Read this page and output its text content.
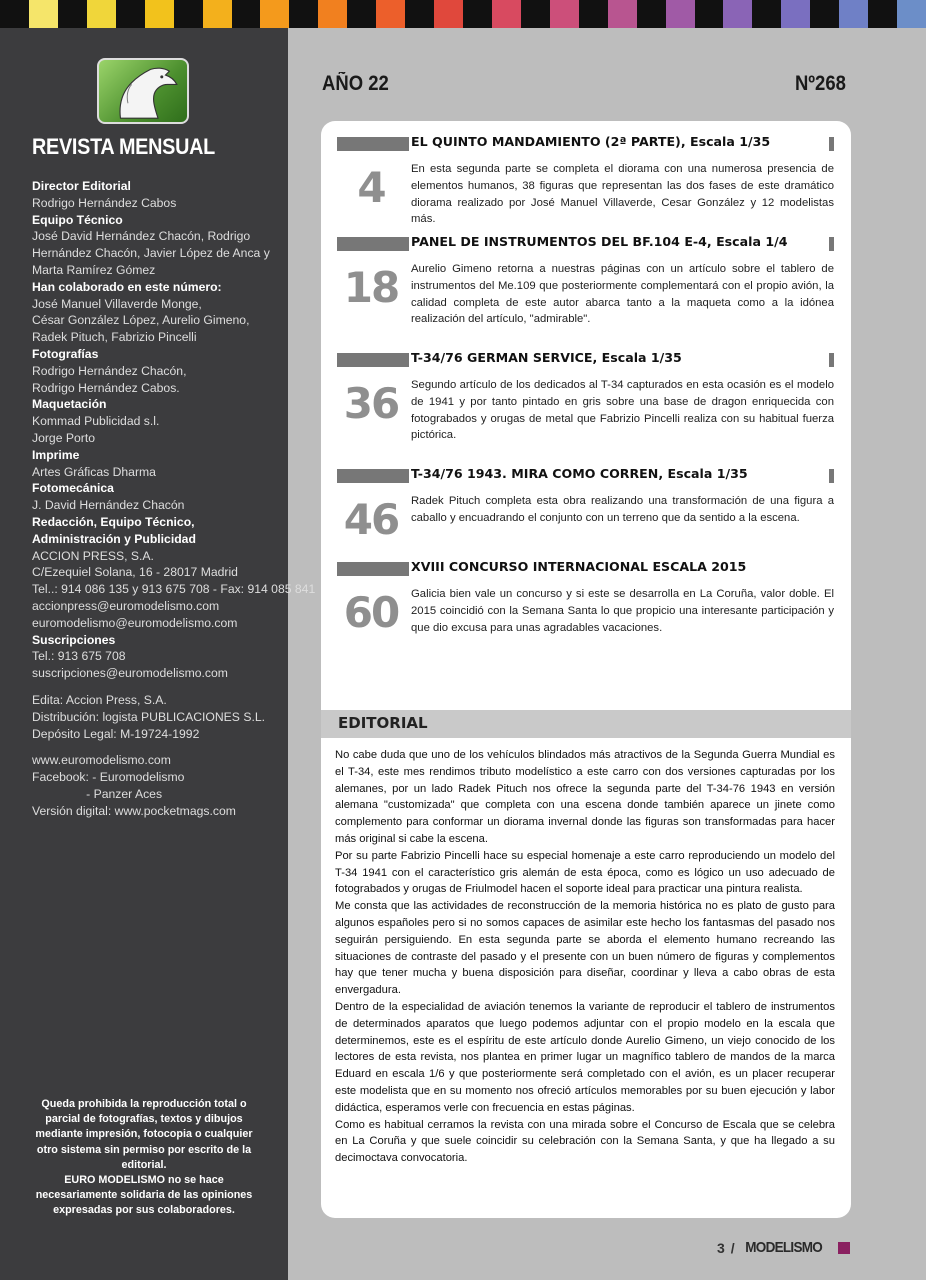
REVISTA MENSUAL
Director Editorial
Rodrigo Hernández Cabos
Equipo Técnico
José David Hernández Chacón, Rodrigo
Hernández Chacón, Javier López de Anca y
Marta Ramírez Gómez
Han colaborado en este número:
José Manuel Villaverde Monge,
César González López, Aurelio Gimeno,
Radek Pituch, Fabrizio Pincelli
Fotografías
Rodrigo Hernández Chacón,
Rodrigo Hernández Cabos.
Maquetación
Kommad Publicidad s.l.
Jorge Porto
Imprime
Artes Gráficas Dharma
Fotomecánica
J. David Hernández Chacón
Redacción, Equipo Técnico,
Administración y Publicidad
ACCION PRESS, S.A.
C/Ezequiel Solana, 16 - 28017 Madrid
Tel..: 914 086 135 y 913 675 708 - Fax: 914 085 841
accionpress@euromodelismo.com
euromodelismo@euromodelismo.com
Suscripciones
Tel.: 913 675 708
suscripciones@euromodelismo.com
Edita: Accion Press, S.A.
Distribución: logista PUBLICACIONES S.L.
Depósito Legal: M-19724-1992
www.euromodelismo.com
Facebook: - Euromodelismo
- Panzer Aces
Versión digital: www.pocketmags.com
Queda prohibida la reproducción total o
parcial de fotografías, textos y dibujos
mediante impresión, fotocopia o cualquier
otro sistema sin permiso por escrito de la
editorial.
EURO MODELISMO no se hace
necesariamente solidaria de las opiniones
expresadas por sus colaboradores.
AÑO 22	Nº268
EL QUINTO MANDAMIENTO (2ª PARTE), Escala 1/35
4	En esta segunda parte se completa el diorama con una numerosa presencia de elementos humanos, 38 figuras que representan las dos fases de este dramático diorama realizado por José Manuel Villaverde, Cesar González y 12 modelistas más.
PANEL DE INSTRUMENTOS DEL BF.104 E-4, Escala 1/4
18	Aurelio Gimeno retorna a nuestras páginas con un artículo sobre el tablero de instrumentos del Me.109 que posteriormente complementará con el propio avión, la calidad completa de este autor abarca tanto a la maqueta como a la idónea realización del artículo, "admirable".
T-34/76 GERMAN SERVICE, Escala 1/35
36	Segundo artículo de los dedicados al T-34 capturados en esta ocasión es el modelo de 1941 y por tanto pintado en gris sobre una base de dragon enriquecida con fotograbados y orugas de metal que Fabrizio Pincelli realiza con su habitual fuerza pictórica.
T-34/76 1943. MIRA COMO CORREN, Escala 1/35
46	Radek Pituch completa esta obra realizando una transformación de una figura a caballo y encuadrando el conjunto con un terreno que da sentido a la escena.
XVIII CONCURSO INTERNACIONAL ESCALA 2015
60	Galicia bien vale un concurso y si este se desarrolla en La Coruña, valor doble. El 2015 coincidió con la Semana Santa lo que propicio una interesante participación y que dio excusa para unas agradables vacaciones.
EDITORIAL

No cabe duda que uno de los vehículos blindados más atractivos de la Segunda Guerra Mundial es el T-34, este mes rendimos tributo modelístico a este carro con dos versiones capturadas por los alemanes, por un lado Radek Pituch nos ofrece la segunda parte del T-34-76 1943 en versión alemana "customizada" que completa con una escena donde también aparece un jinete como complemento para conformar un diorama invernal donde las figuras son transformadas para hacer más original si cabe la escena.

Por su parte Fabrizio Pincelli hace su especial homenaje a este carro reproduciendo un modelo del T-34 1941 con el característico gris alemán de esta época, como es lógico un uso adecuado de fotograbados y orugas de Friulmodel hacen el soporte ideal para practicar una pintura realista.

Me consta que las actividades de reconstrucción de la memoria histórica no es plato de gusto para algunos españoles pero si no somos capaces de asimilar este hecho los fantasmas del pasado nos seguirán persiguiendo. En esta segunda parte se aborda el elemento humano recreando las situaciones de contraste del pasado y el presente con un buen número de figuras y complementos hay que tener mucha y buena disposición para diseñar, coordinar y lleva a cabo obras de esta envergadura.

Dentro de la especialidad de aviación tenemos la variante de reproducir el tablero de instrumentos de determinados aparatos que luego podemos adjuntar con el propio modelo en la escala que determinemos, este es el espíritu de este artículo donde Aurelio Gimeno, un viejo conocido de los lectores de esta revista, nos plantea en primer lugar un magnífico tablero de mandos de la marca Eduard en escala 1/6 y que posteriormente será completado con el avión, es un placer recuperar este modelista que en su momento nos ofreció artículos memorables por su buen ejecución y labor didáctica, esperamos verle con frecuencia en estas páginas.

Como es habitual cerramos la revista con una mirada sobre el Concurso de Escala que se celebra en La Coruña y que suele coincidir su celebración con la Semana Santa, y que ha llegado a su decimoctava convocatoria.

3 / MODELISMO
